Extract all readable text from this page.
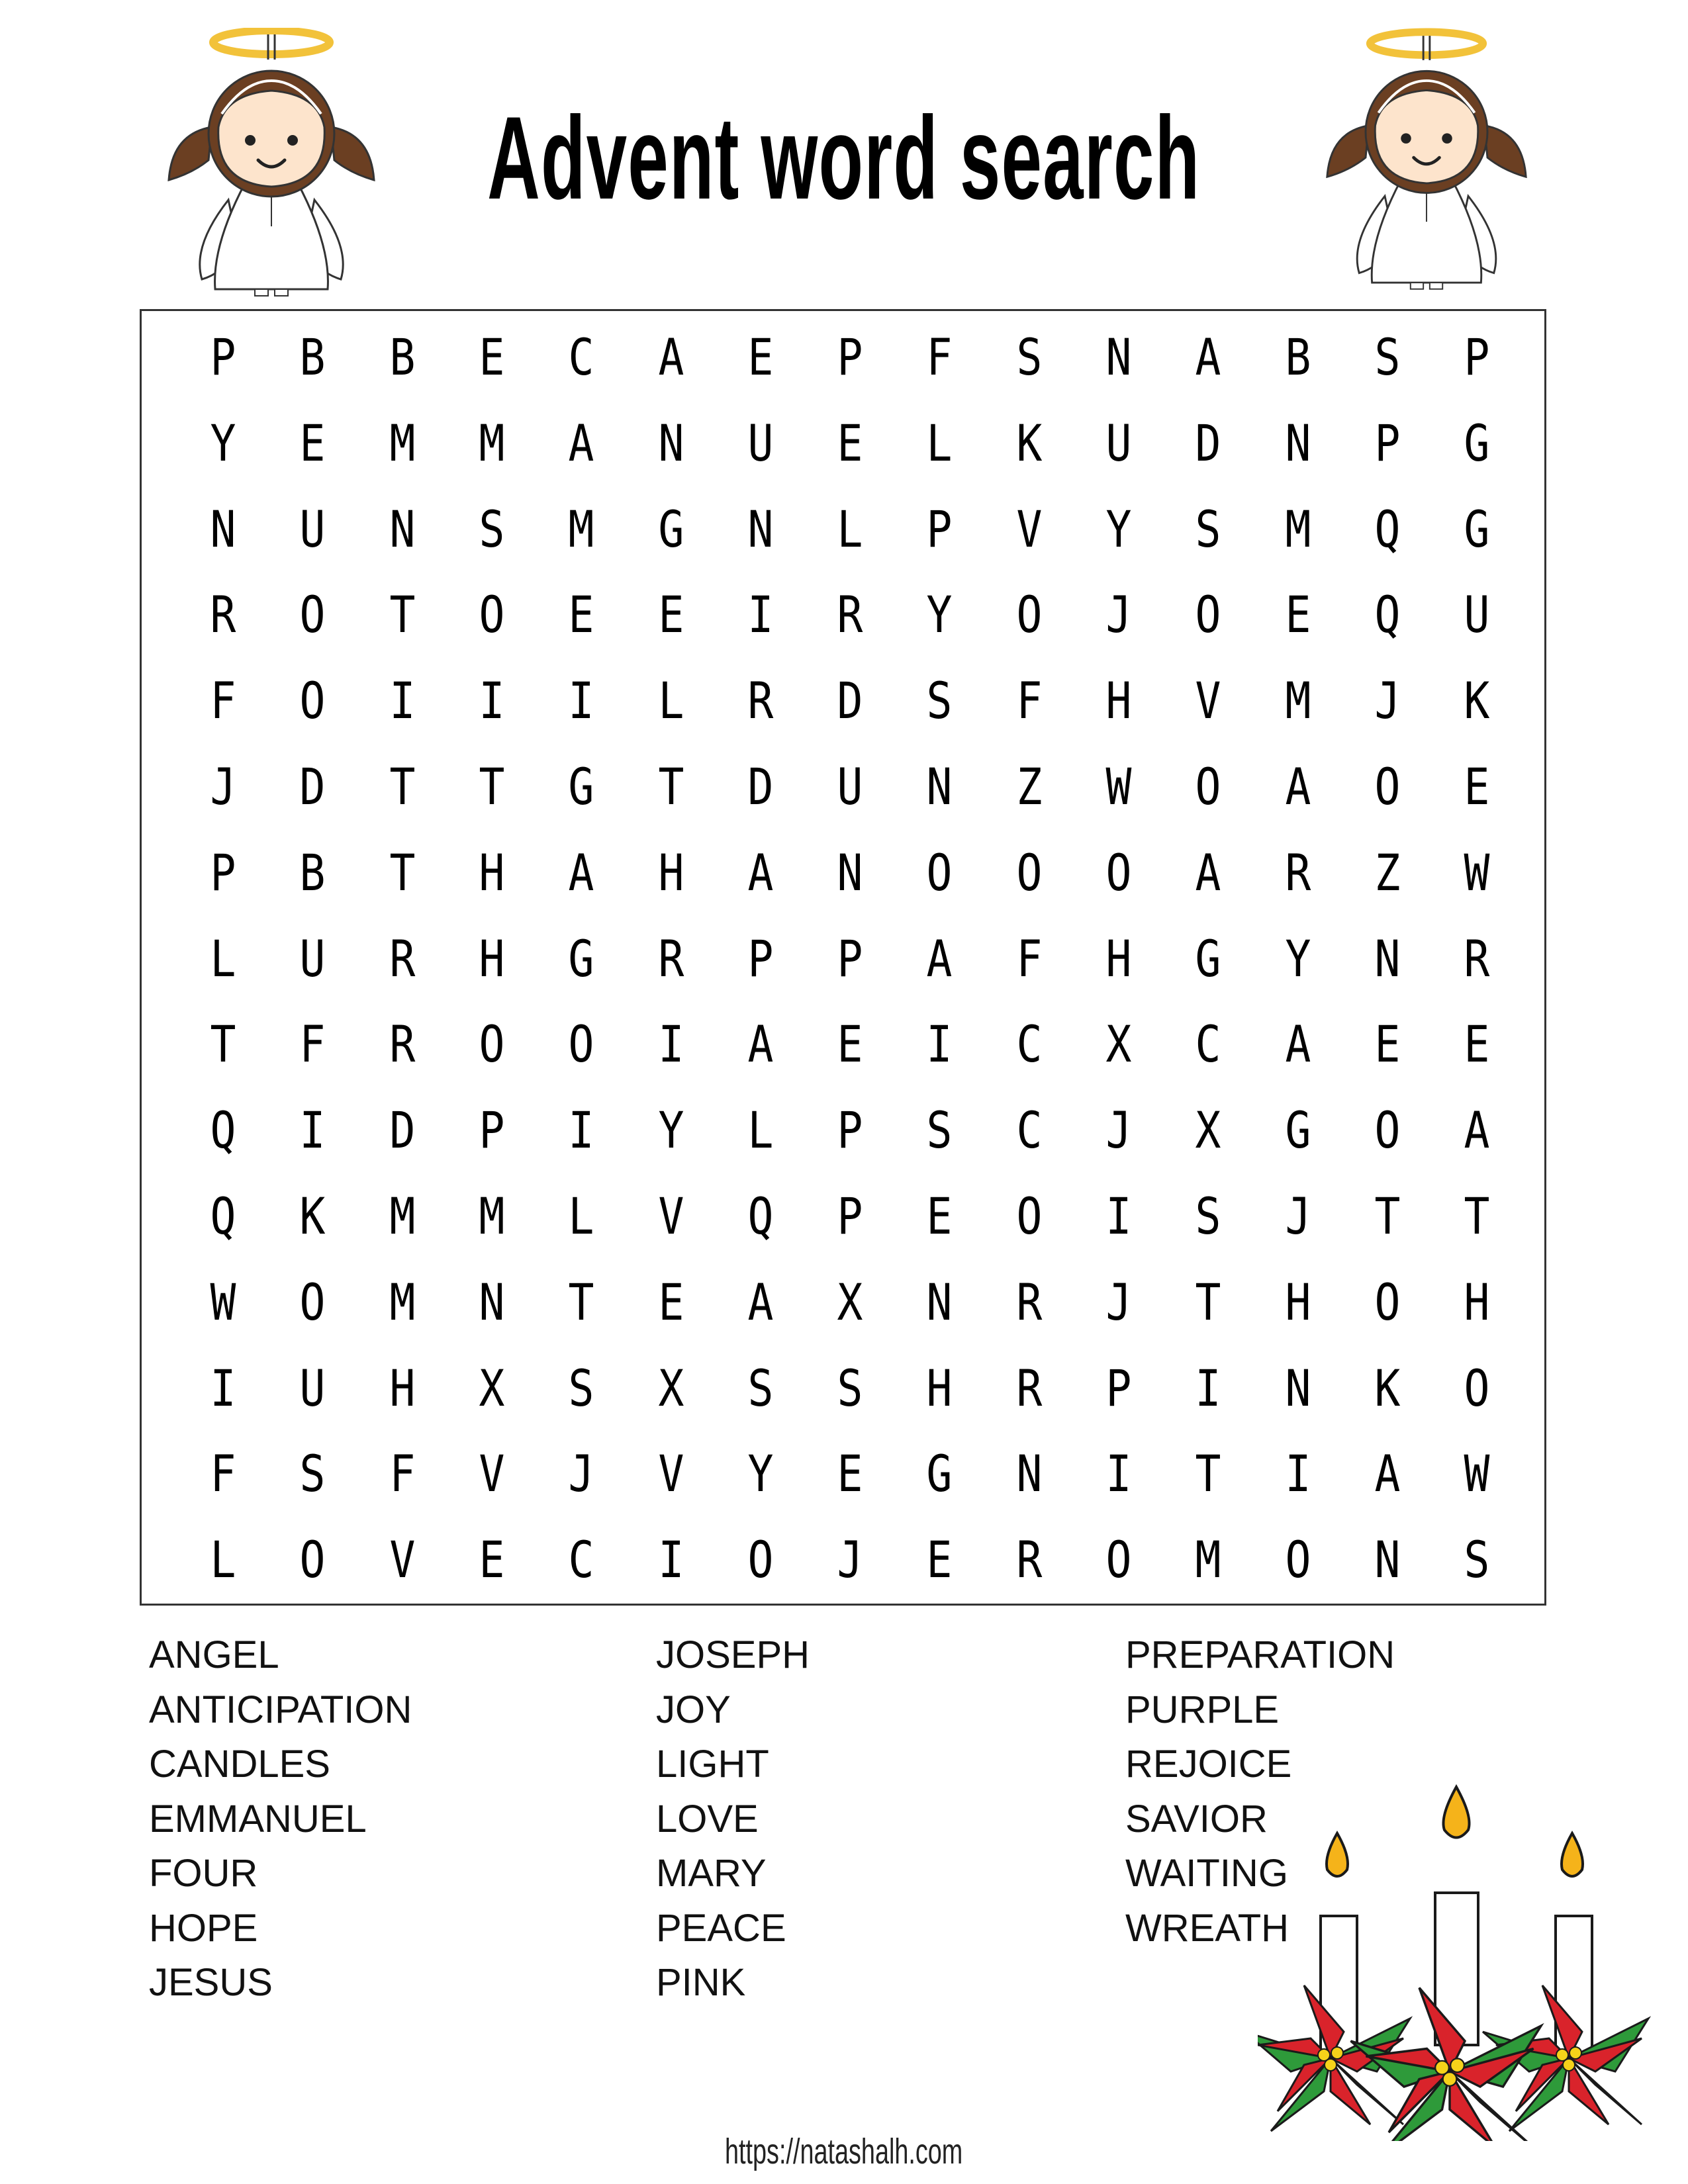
Advent word search
P	B	B	E	C	A	E	P	F	S	N	A	B	S	P
Y	E	M	M	A	N	U	E	L	K	U	D	N	P	G
N	U	N	S	M	G	N	L	P	V	Y	S	M	Q	G
R	O	T	O	E	E	I	R	Y	O	J	O	E	Q	U
F	O	I	I	I	L	R	D	S	F	H	V	M	J	K
J	D	T	T	G	T	D	U	N	Z	W	O	A	O	E
P	B	T	H	A	H	A	N	O	O	O	A	R	Z	W
L	U	R	H	G	R	P	P	A	F	H	G	Y	N	R
T	F	R	O	O	I	A	E	I	C	X	C	A	E	E
Q	I	D	P	I	Y	L	P	S	C	J	X	G	O	A
Q	K	M	M	L	V	Q	P	E	O	I	S	J	T	T
W	O	M	N	T	E	A	X	N	R	J	T	H	O	H
I	U	H	X	S	X	S	S	H	R	P	I	N	K	O
F	S	F	V	J	V	Y	E	G	N	I	T	I	A	W
L	O	V	E	C	I	O	J	E	R	O	M	O	N	S
ANGEL
ANTICIPATION
CANDLES
EMMANUEL
FOUR
HOPE
JESUS
JOSEPH
JOY
LIGHT
LOVE
MARY
PEACE
PINK
PREPARATION
PURPLE
REJOICE
SAVIOR
WAITING
WREATH
https://natashalh.com
